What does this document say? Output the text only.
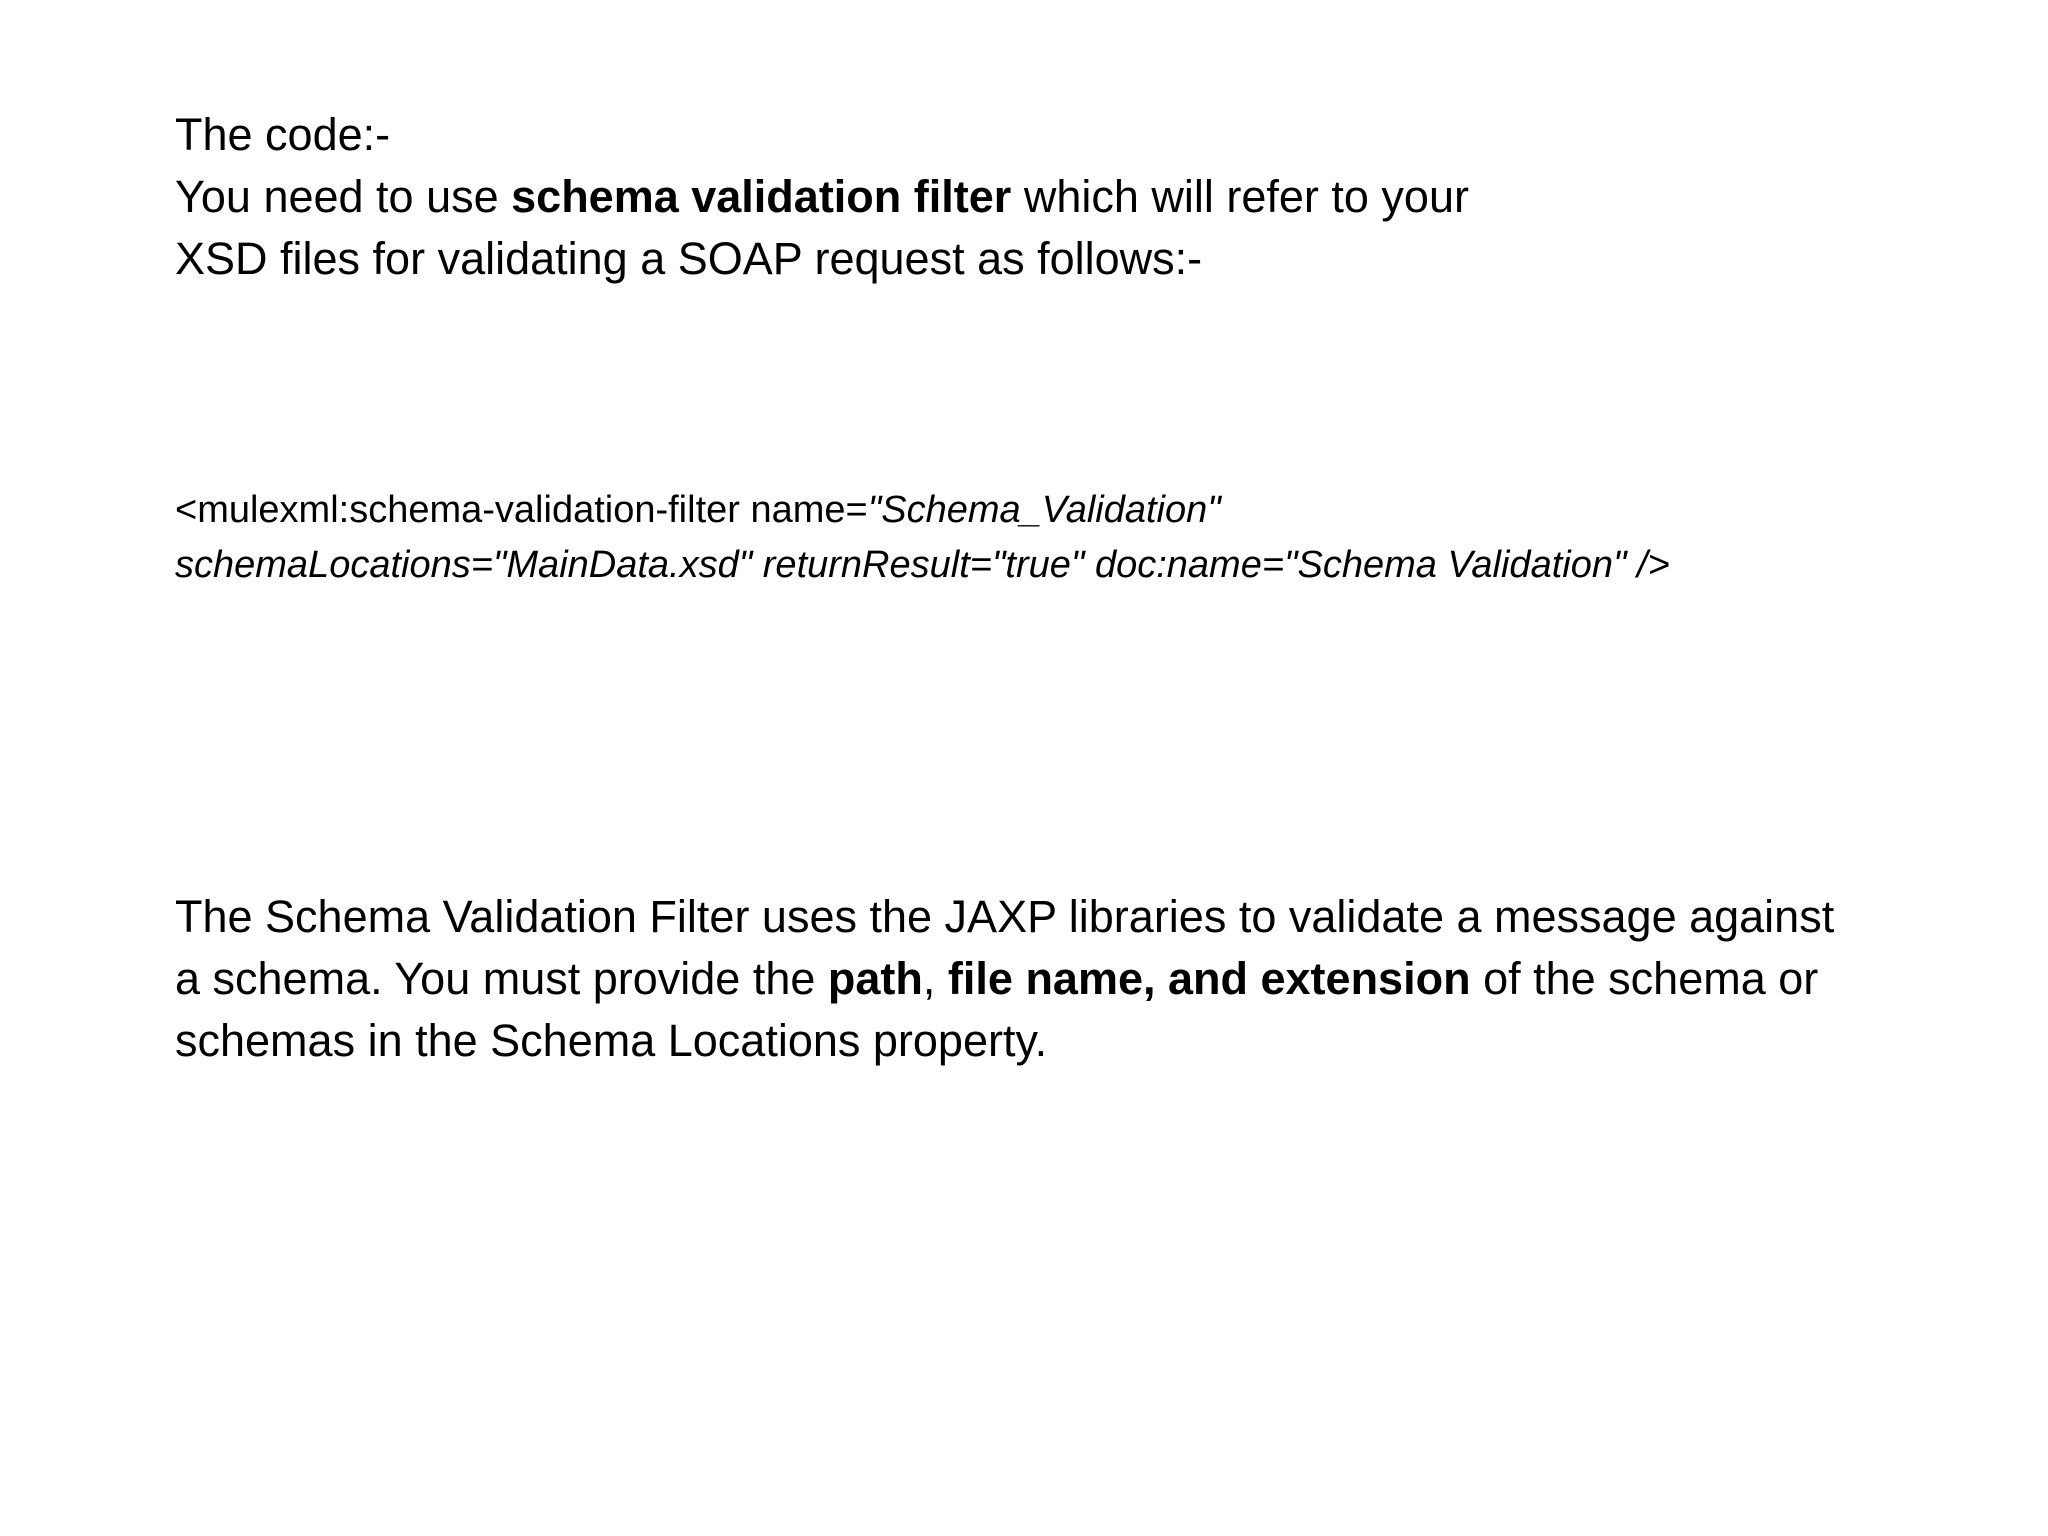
The code:-
You need to use schema validation filter which will refer to your
XSD files for validating a SOAP request as follows:-
<mulexml:schema-validation-filter name="Schema_Validation"
schemaLocations="MainData.xsd" returnResult="true" doc:name="Schema Validation" />
The Schema Validation Filter uses the JAXP libraries to validate a message against
a schema. You must provide the path, file name, and extension of the schema or
schemas in the Schema Locations property.
